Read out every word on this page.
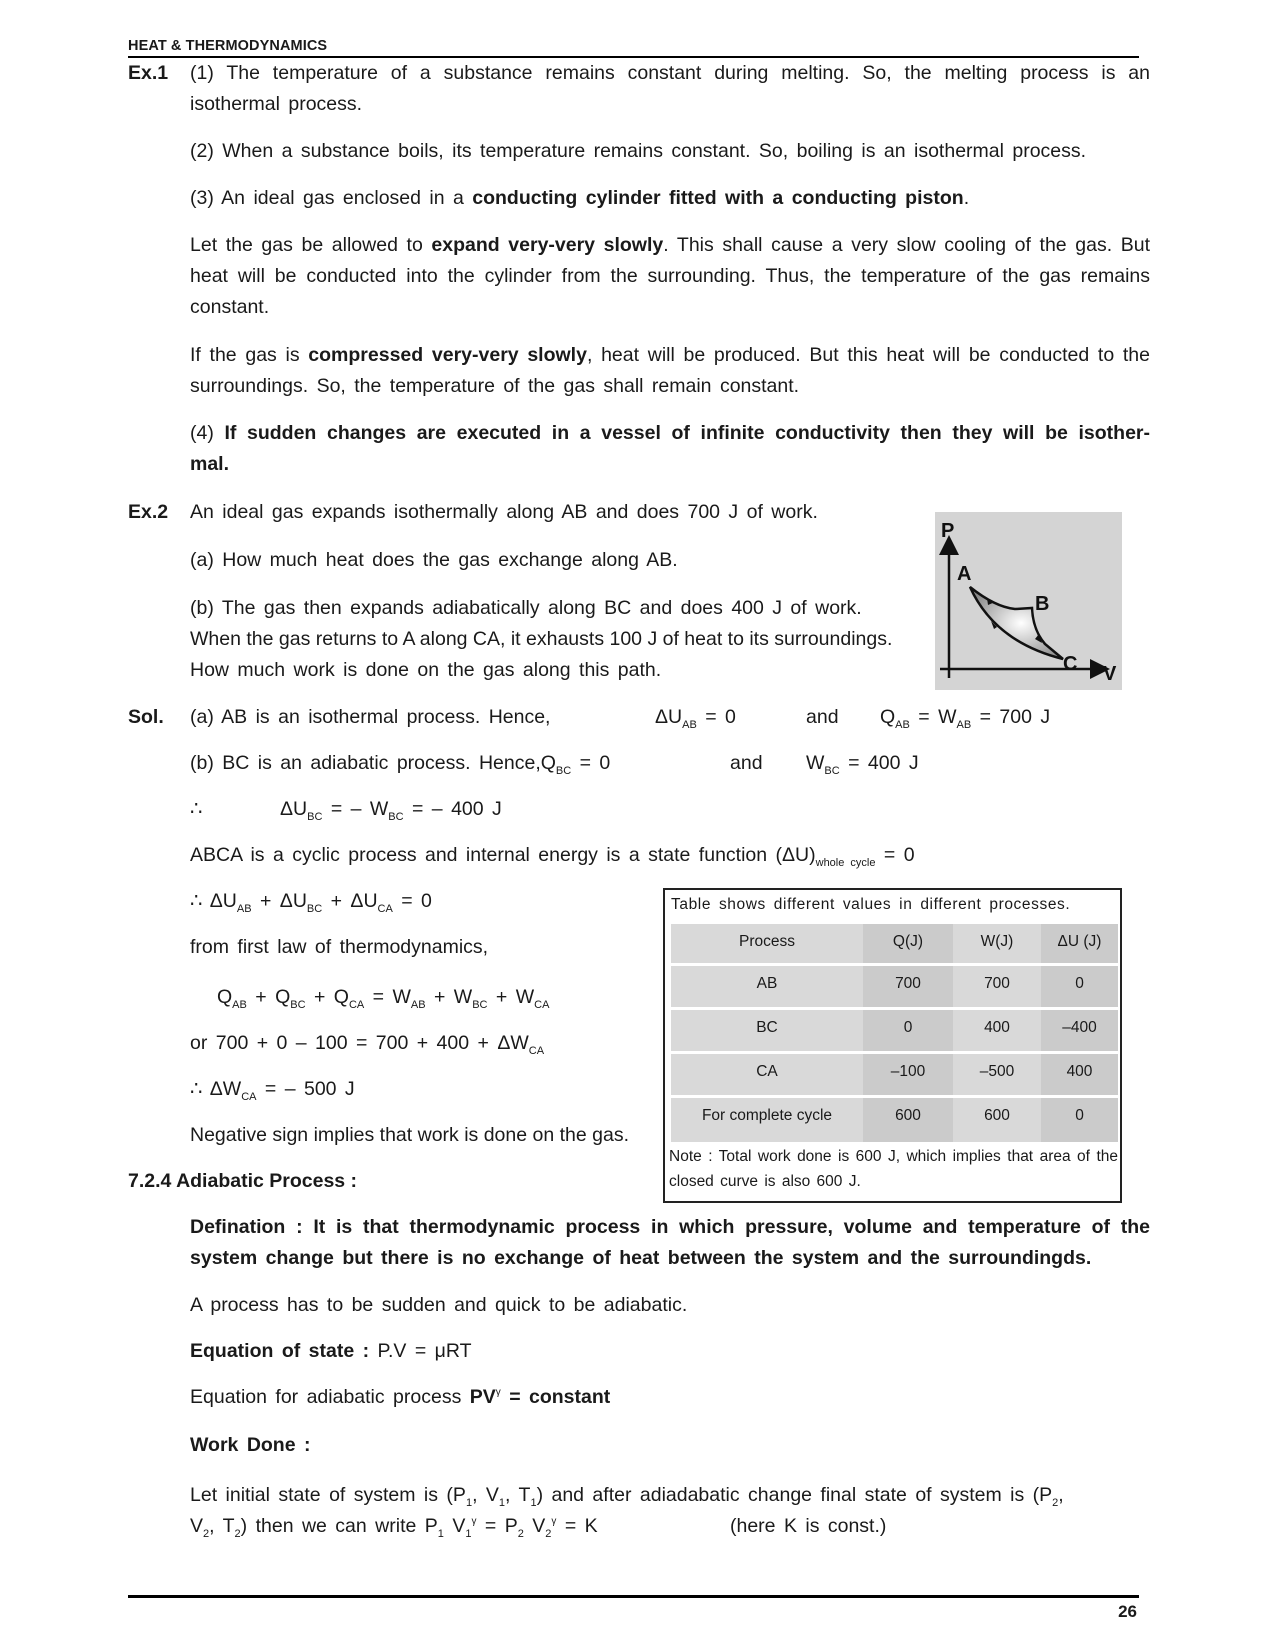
HEAT & THERMODYNAMICS
Ex.1 (1) The temperature of a substance remains constant during melting. So, the melting process is an isothermal process.
(2) When a substance boils, its temperature remains constant. So, boiling is an isothermal process.
(3) An ideal gas enclosed in a conducting cylinder fitted with a conducting piston.
Let the gas be allowed to expand very-very slowly. This shall cause a very slow cooling of the gas. But heat will be conducted into the cylinder from the surrounding. Thus, the temperature of the gas remains constant.
If the gas is compressed very-very slowly, heat will be produced. But this heat will be conducted to the surroundings. So, the temperature of the gas shall remain constant.
(4) If sudden changes are executed in a vessel of infinite conductivity then they will be isother-mal.
Ex.2 An ideal gas expands isothermally along AB and does 700 J of work.
(a) How much heat does the gas exchange along AB.
(b) The gas then expands adiabatically along BC and does 400 J of work.
When the gas returns to A along CA, it exhausts 100 J of heat to its surroundings.
How much work is done on the gas along this path.
P
A
B
C V
Sol. (a) AB is an isothermal process. Hence,	$\Delta U_{AB} = 0$	and $Q_{AB} = W_{AB} = 700$ J
(b) BC is an adiabatic process. $Hence,Q_{BC} = 0$	and $W_{BC} = 400$ J
∴	$\Delta U_{BC}$ = – $W_{BC}$ = – 400 J
ABCA is a cyclic process and internal energy is a state function $(\Delta U)_{whole cycle} = 0$
∴ $\Delta U_{AB} + \Delta U_{BC} + \Delta U_{CA} = 0$
from first law of thermodynamics,
$Q_{AB} + Q_{BC} + Q_{CA} = W_{AB} + W_{BC} + W_{CA}$
or $700 + 0 - 100 = 700 + 400 + \Delta W_{CA}$
∴ $\Delta W_{CA}$ = – 500 J
Negative sign implies that work is done on the gas.
Table shows different values in different processes.
Process	Q(J)	W(J)	ΔU (J)
AB	700	700	0
BC	0	400	–400
CA	–100	–500	400
For complete cycle	600	600	0
Note : Total work done is 600 J, which implies that area of the closed curve is also 600 J.
7.2.4 Adiabatic Process :
Defination : It is that thermodynamic process in which pressure, volume and temperature of the system change but there is no exchange of heat between the system and the surroundingds.
A process has to be sudden and quick to be adiabatic.
Equation of state : P.V = μRT
Equation for adiabatic process $PV^\gamma$ = constant
Work Done :
Let initial state of system is ($P_1$, $V_1$, $T_1$) and after adiadabatic change final state of system is ($P_2$,
$V_2$, $T_2$) then we can write $P_1$ $V_1^\gamma = P_2$ $V_2^\gamma = K$	(here K is const.)
26
